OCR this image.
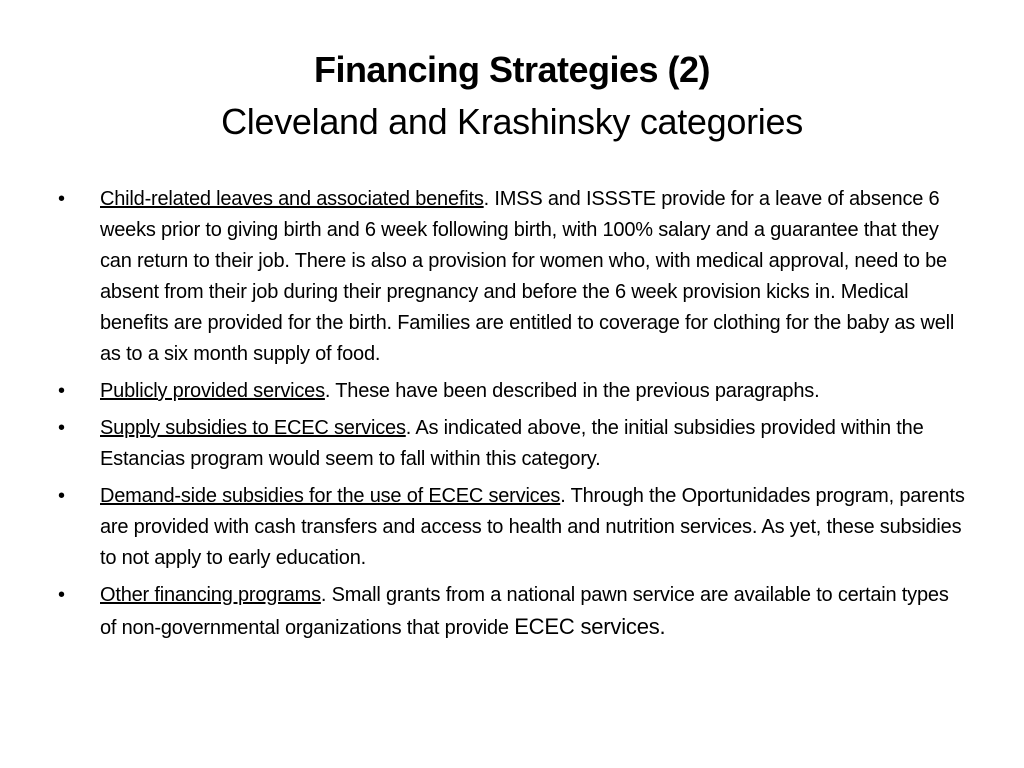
Financing Strategies (2)
Cleveland and Krashinsky categories
•	Child-related leaves and associated benefits. IMSS and ISSSTE provide for a leave of absence 6 weeks prior to giving birth and 6 week following birth, with 100% salary and a guarantee that they can return to their job. There is also a provision for women who, with medical approval, need to be absent from their job during their pregnancy and before the 6 week provision kicks in. Medical benefits are provided for the birth. Families are entitled to coverage for clothing for the baby as well as to a six month supply of food.
•	Publicly provided services. These have been described in the previous paragraphs.
•	Supply subsidies to ECEC services. As indicated above, the initial subsidies provided within the Estancias program would seem to fall within this category.
•	Demand-side subsidies for the use of ECEC services. Through the Oportunidades program, parents are provided with cash transfers and access to health and nutrition services. As yet, these subsidies to not apply to early education.
•	Other financing programs. Small grants from a national pawn service are available to certain types of non-governmental organizations that provide ECEC services.
